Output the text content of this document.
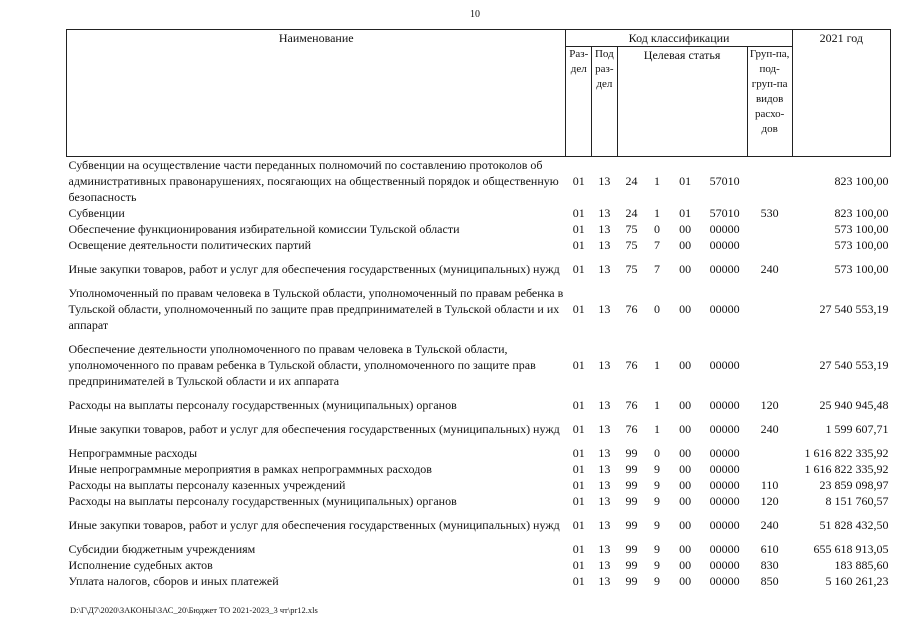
10
Наименование	Код классификации							2021 год
	Раз-дел	Под раз-дел	Целевая статья				Груп-па, под-груп-па видов расхо-дов	
Субвенции на осуществление части переданных полномочий по составлению протоколов об административных правонарушениях, посягающих на общественный порядок и общественную безопасность	01	13	24	1	01	57010		823 100,00
Субвенции	01	13	24	1	01	57010	530	823 100,00
Обеспечение функционирования избирательной комиссии Тульской области	01	13	75	0	00	00000		573 100,00
Освещение деятельности политических партий	01	13	75	7	00	00000		573 100,00
Иные закупки товаров, работ и услуг для обеспечения государственных (муниципальных) нужд	01	13	75	7	00	00000	240	573 100,00
Уполномоченный по правам человека в Тульской области, уполномоченный по правам ребенка в Тульской области, уполномоченный по защите прав предпринимателей в Тульской области и их аппарат	01	13	76	0	00	00000		27 540 553,19
Обеспечение деятельности уполномоченного по правам человека в Тульской области, уполномоченного по правам ребенка в Тульской области, уполномоченного по защите прав предпринимателей в Тульской области и их аппарата	01	13	76	1	00	00000		27 540 553,19
Расходы на выплаты персоналу государственных (муниципальных) органов	01	13	76	1	00	00000	120	25 940 945,48
Иные закупки товаров, работ и услуг для обеспечения государственных (муниципальных) нужд	01	13	76	1	00	00000	240	1 599 607,71
Непрограммные расходы	01	13	99	0	00	00000		1 616 822 335,92
Иные непрограммные мероприятия в рамках непрограммных расходов	01	13	99	9	00	00000		1 616 822 335,92
Расходы на выплаты персоналу казенных учреждений	01	13	99	9	00	00000	110	23 859 098,97
Расходы на выплаты персоналу государственных (муниципальных) органов	01	13	99	9	00	00000	120	8 151 760,57
Иные закупки товаров, работ и услуг для обеспечения государственных (муниципальных) нужд	01	13	99	9	00	00000	240	51 828 432,50
Субсидии бюджетным учреждениям	01	13	99	9	00	00000	610	655 618 913,05
Исполнение судебных актов	01	13	99	9	00	00000	830	183 885,60
Уплата налогов, сборов и иных платежей	01	13	99	9	00	00000	850	5 160 261,23
D:\Г\Д7\2020\ЗАКОНЫ\ЗАС_20\Бюджет ТО 2021-2023_3 чт\рr12.xls
